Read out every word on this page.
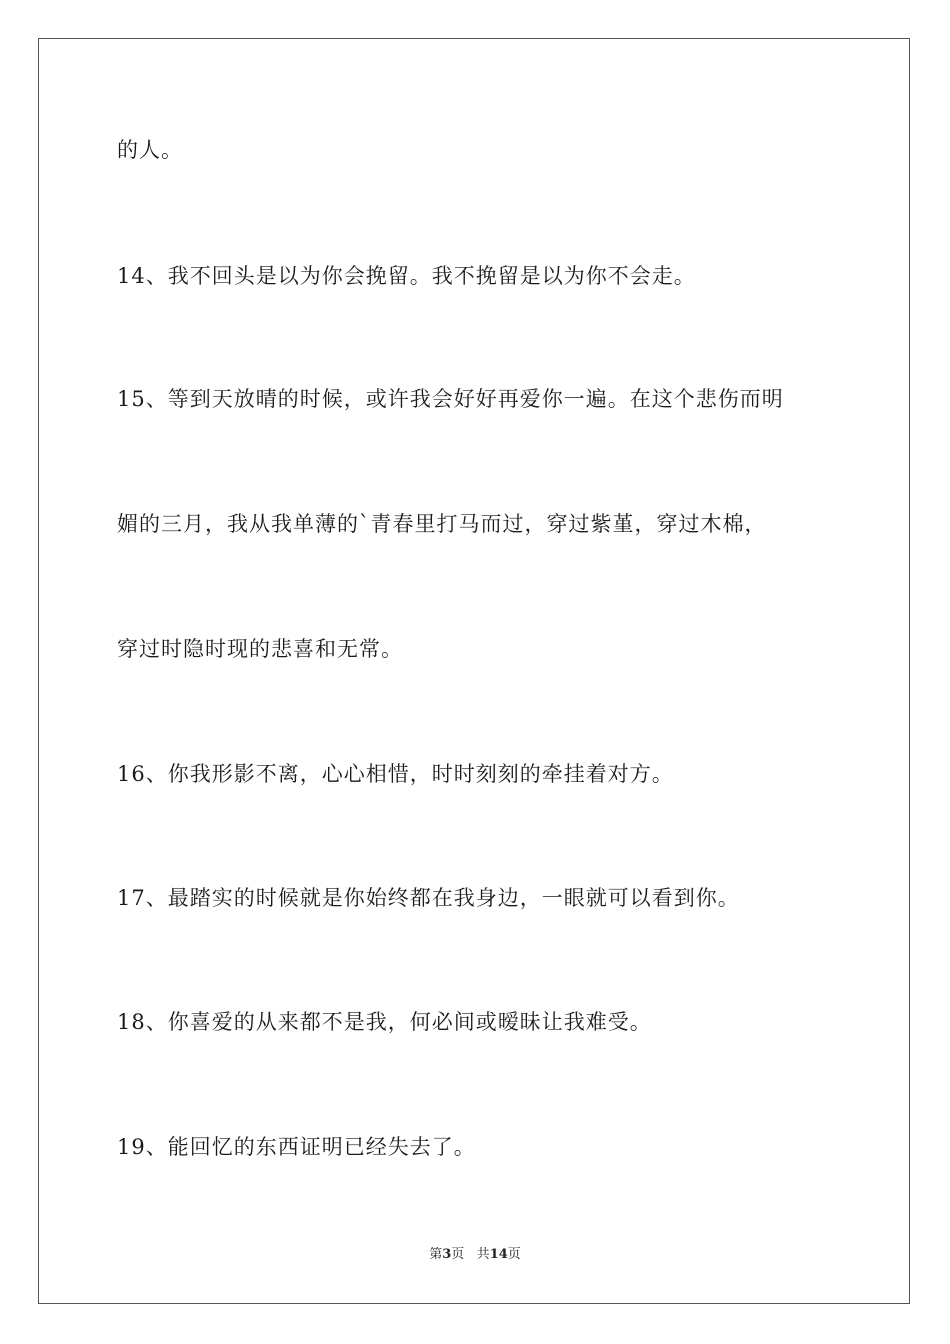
的人。
14、我不回头是以为你会挽留。我不挽留是以为你不会走。
15、等到天放晴的时候，或许我会好好再爱你一遍。在这个悲伤而明
媚的三月，我从我单薄的`青春里打马而过，穿过紫堇，穿过木棉，
穿过时隐时现的悲喜和无常。
16、你我形影不离，心心相惜，时时刻刻的牵挂着对方。
17、最踏实的时候就是你始终都在我身边，一眼就可以看到你。
18、你喜爱的从来都不是我，何必间或暧昧让我难受。
19、能回忆的东西证明已经失去了。
第3页 共14页
